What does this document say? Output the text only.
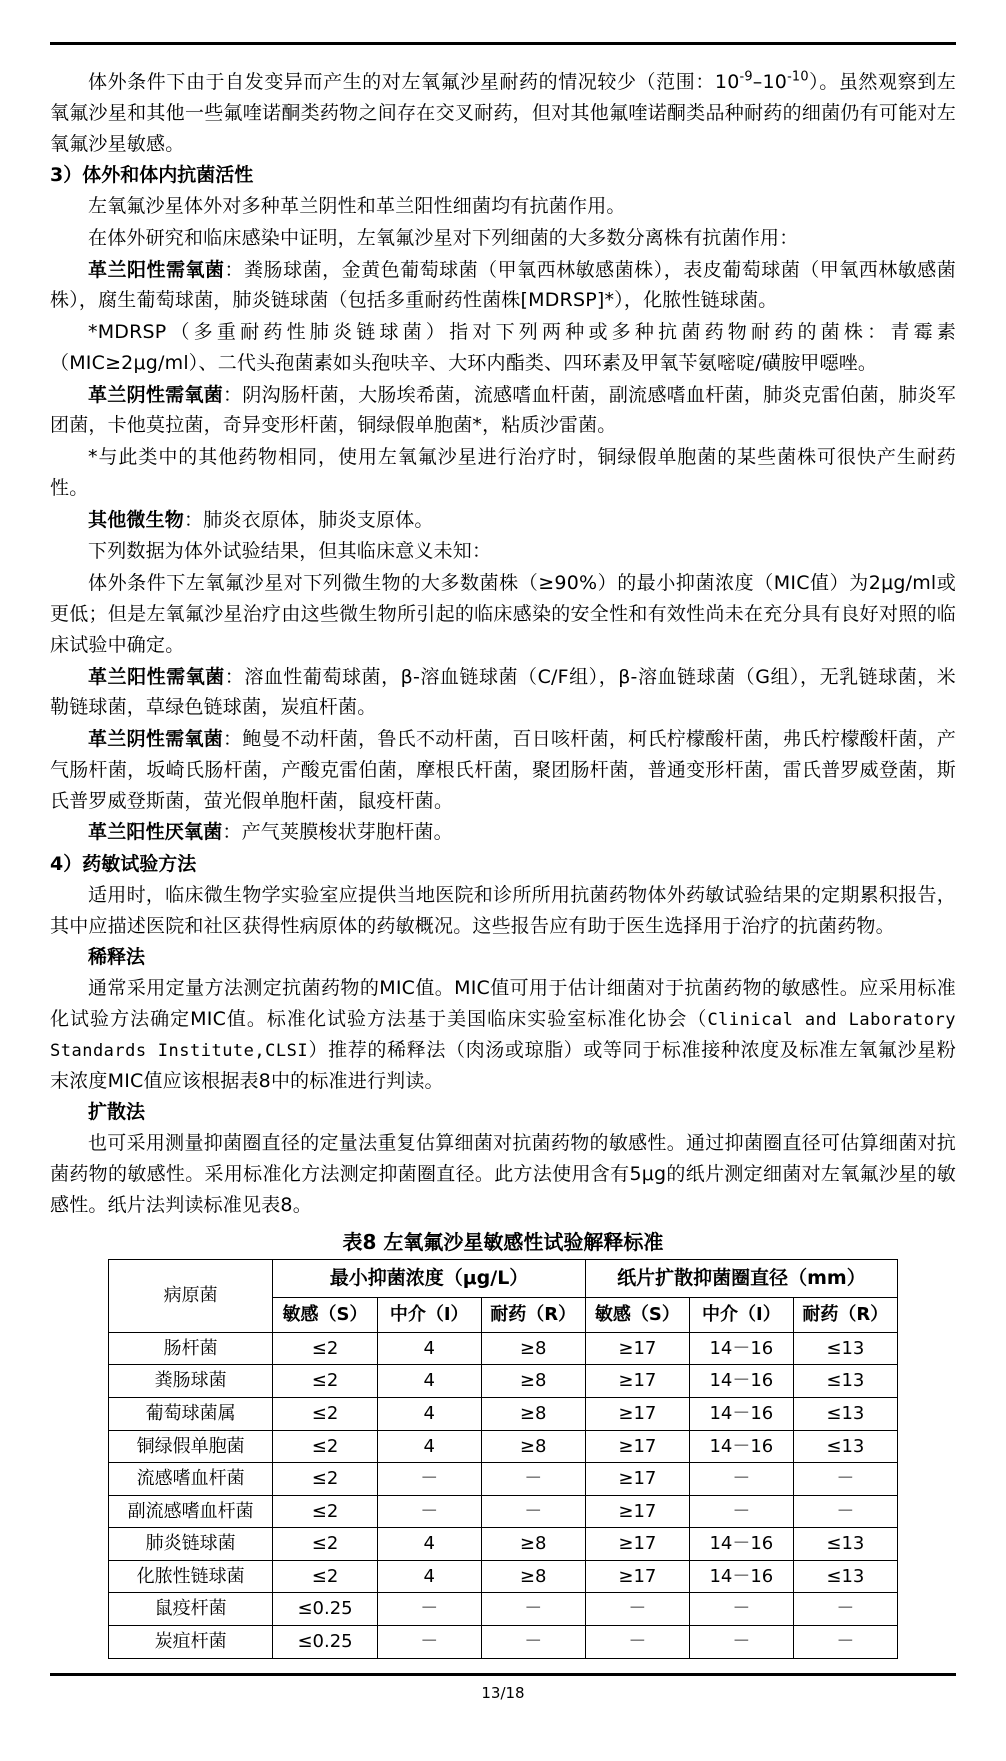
体外条件下由于自发变异而产生的对左氧氟沙星耐药的情况较少（范围：$10^{-9}-10^{-10}$）。虽然观察到左氧氟沙星和其他一些氟喹诺酮类药物之间存在交叉耐药，但对其他氟喹诺酮类品种耐药的细菌仍有可能对左氧氟沙星敏感。
3）体外和体内抗菌活性
左氧氟沙星体外对多种革兰阴性和革兰阳性细菌均有抗菌作用。
在体外研究和临床感染中证明，左氧氟沙星对下列细菌的大多数分离株有抗菌作用：
革兰阳性需氧菌：粪肠球菌，金黄色葡萄球菌（甲氧西林敏感菌株），表皮葡萄球菌（甲氧西林敏感菌株），腐生葡萄球菌，肺炎链球菌（包括多重耐药性菌株[MDRSP]*），化脓性链球菌。
*MDRSP（多重耐药性肺炎链球菌）指对下列两种或多种抗菌药物耐药的菌株：青霉素（MIC≥2μg/ml）、二代头孢菌素如头孢呋辛、大环内酯类、四环素及甲氧苄氨嘧啶/磺胺甲噁唑。
革兰阴性需氧菌：阴沟肠杆菌，大肠埃希菌，流感嗜血杆菌，副流感嗜血杆菌，肺炎克雷伯菌，肺炎军团菌，卡他莫拉菌，奇异变形杆菌，铜绿假单胞菌*，粘质沙雷菌。
*与此类中的其他药物相同，使用左氧氟沙星进行治疗时，铜绿假单胞菌的某些菌株可很快产生耐药性。
其他微生物：肺炎衣原体，肺炎支原体。
下列数据为体外试验结果，但其临床意义未知：
体外条件下左氧氟沙星对下列微生物的大多数菌株（≥90%）的最小抑菌浓度（MIC值）为2μg/ml或更低；但是左氧氟沙星治疗由这些微生物所引起的临床感染的安全性和有效性尚未在充分具有良好对照的临床试验中确定。
革兰阳性需氧菌：溶血性葡萄球菌，β-溶血链球菌（C/F组），β-溶血链球菌（G组），无乳链球菌，米勒链球菌，草绿色链球菌，炭疽杆菌。
革兰阴性需氧菌：鲍曼不动杆菌，鲁氏不动杆菌，百日咳杆菌，柯氏柠檬酸杆菌，弗氏柠檬酸杆菌，产气肠杆菌，坂崎氏肠杆菌，产酸克雷伯菌，摩根氏杆菌，聚团肠杆菌，普通变形杆菌，雷氏普罗威登菌，斯氏普罗威登斯菌，萤光假单胞杆菌，鼠疫杆菌。
革兰阳性厌氧菌：产气荚膜梭状芽胞杆菌。
4）药敏试验方法
适用时，临床微生物学实验室应提供当地医院和诊所所用抗菌药物体外药敏试验结果的定期累积报告，其中应描述医院和社区获得性病原体的药敏概况。这些报告应有助于医生选择用于治疗的抗菌药物。
稀释法
通常采用定量方法测定抗菌药物的MIC值。MIC值可用于估计细菌对于抗菌药物的敏感性。应采用标准化试验方法确定MIC值。标准化试验方法基于美国临床实验室标准化协会（Clinical and Laboratory Standards Institute,CLSI）推荐的稀释法（肉汤或琼脂）或等同于标准接种浓度及标准左氧氟沙星粉末浓度MIC值应该根据表8中的标准进行判读。
扩散法
也可采用测量抑菌圈直径的定量法重复估算细菌对抗菌药物的敏感性。通过抑菌圈直径可估算细菌对抗菌药物的敏感性。采用标准化方法测定抑菌圈直径。此方法使用含有5μg的纸片测定细菌对左氧氟沙星的敏感性。纸片法判读标准见表8。
表8 左氧氟沙星敏感性试验解释标准
病原菌	最小抑菌浓度（μg/L）			纸片扩散抑菌圈直径（mm）		
	敏感（S）	中介（I）	耐药（R）	敏感（S）	中介（I）	耐药（R）
肠杆菌	≤2	4	≥8	≥17	14－16	≤13
粪肠球菌	≤2	4	≥8	≥17	14－16	≤13
葡萄球菌属	≤2	4	≥8	≥17	14－16	≤13
铜绿假单胞菌	≤2	4	≥8	≥17	14－16	≤13
流感嗜血杆菌	≤2	－	－	≥17	－	－
副流感嗜血杆菌	≤2	－	－	≥17	－	－
肺炎链球菌	≤2	4	≥8	≥17	14－16	≤13
化脓性链球菌	≤2	4	≥8	≥17	14－16	≤13
鼠疫杆菌	≤0.25	－	－	－	－	－
炭疽杆菌	≤0.25	－	－	－	－	－
13/18
